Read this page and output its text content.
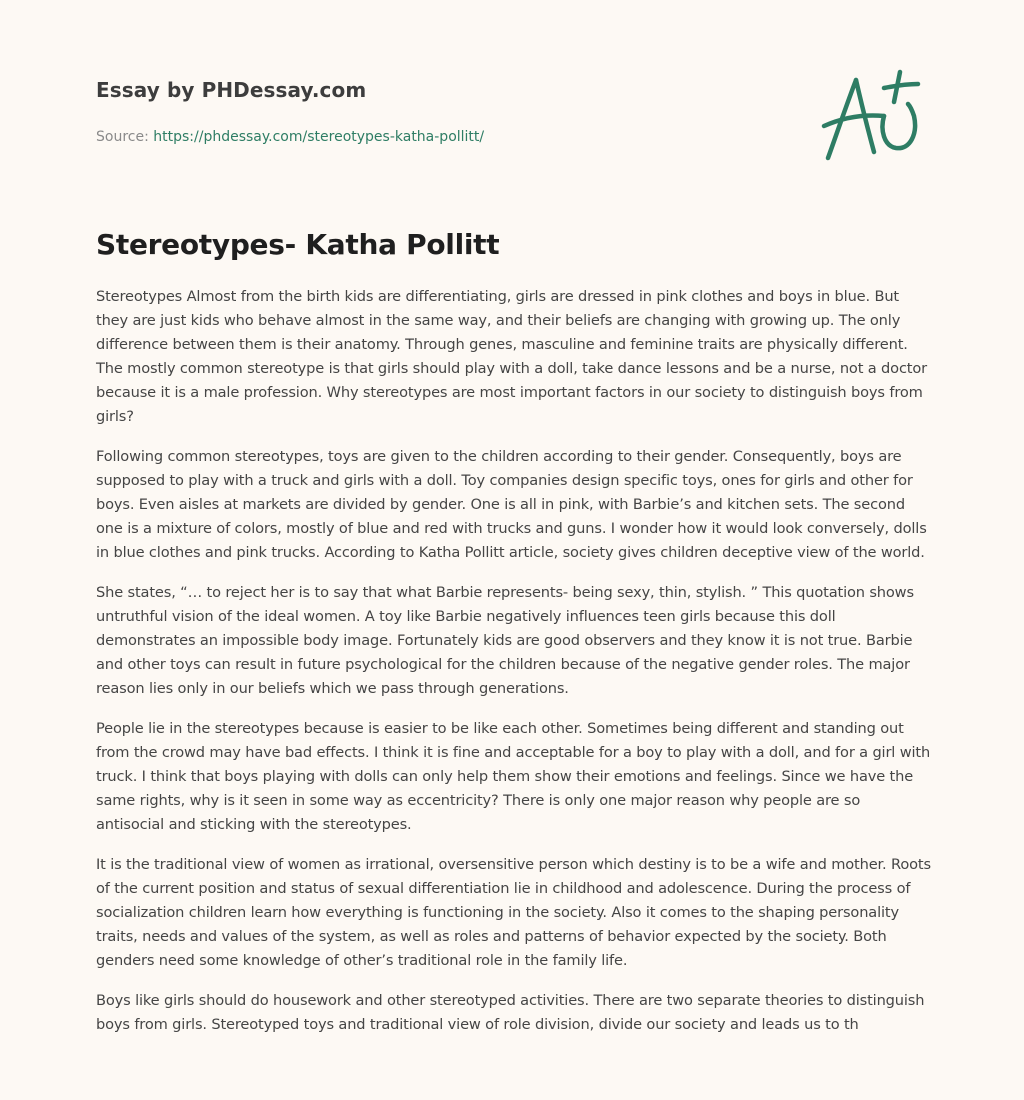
Essay by PHDessay.com

Source: https://phdessay.com/stereotypes-katha-pollitt/
Stereotypes- Katha Pollitt

Stereotypes Almost from the birth kids are differentiating, girls are dressed in pink clothes and boys in blue. But they are just kids who behave almost in the same way, and their beliefs are changing with growing up. The only difference between them is their anatomy. Through genes, masculine and feminine traits are physically different. The mostly common stereotype is that girls should play with a doll, take dance lessons and be a nurse, not a doctor because it is a male profession. Why stereotypes are most important factors in our society to distinguish boys from girls?

Following common stereotypes, toys are given to the children according to their gender. Consequently, boys are supposed to play with a truck and girls with a doll. Toy companies design specific toys, ones for girls and other for boys. Even aisles at markets are divided by gender. One is all in pink, with Barbie’s and kitchen sets. The second one is a mixture of colors, mostly of blue and red with trucks and guns. I wonder how it would look conversely, dolls in blue clothes and pink trucks. According to Katha Pollitt article, society gives children deceptive view of the world.

She states, “… to reject her is to say that what Barbie represents- being sexy, thin, stylish. ” This quotation shows untruthful vision of the ideal women. A toy like Barbie negatively influences teen girls because this doll demonstrates an impossible body image. Fortunately kids are good observers and they know it is not true. Barbie and other toys can result in future psychological for the children because of the negative gender roles. The major reason lies only in our beliefs which we pass through generations.

People lie in the stereotypes because is easier to be like each other. Sometimes being different and standing out from the crowd may have bad effects. I think it is fine and acceptable for a boy to play with a doll, and for a girl with truck. I think that boys playing with dolls can only help them show their emotions and feelings. Since we have the same rights, why is it seen in some way as eccentricity? There is only one major reason why people are so antisocial and sticking with the stereotypes.

It is the traditional view of women as irrational, oversensitive person which destiny is to be a wife and mother. Roots of the current position and status of sexual differentiation lie in childhood and adolescence. During the process of socialization children learn how everything is functioning in the society. Also it comes to the shaping personality traits, needs and values of the system, as well as roles and patterns of behavior expected by the society. Both genders need some knowledge of other’s traditional role in the family life.

Boys like girls should do housework and other stereotyped activities. There are two separate theories to distinguish boys from girls. Stereotyped toys and traditional view of role division, divide our society and leads us to th
